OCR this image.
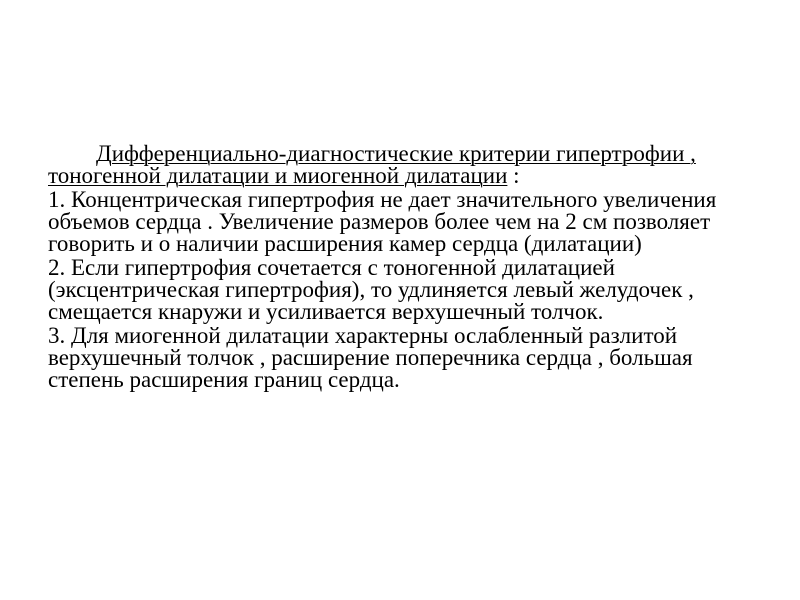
Дифференциально-диагностические критерии гипертрофии , тоногенной дилатации и миогенной дилатации :

1. Концентрическая гипертрофия не дает значительного увеличения объемов сердца . Увеличение размеров более чем на 2 см позволяет говорить и о наличии расширения камер сердца (дилатации)

2. Если гипертрофия сочетается с тоногенной дилатацией (эксцентрическая гипертрофия), то удлиняется левый желудочек , смещается кнаружи и усиливается верхушечный толчок.

3. Для миогенной дилатации характерны ослабленный разлитой верхушечный толчок , расширение поперечника сердца , большая степень расширения границ сердца.
